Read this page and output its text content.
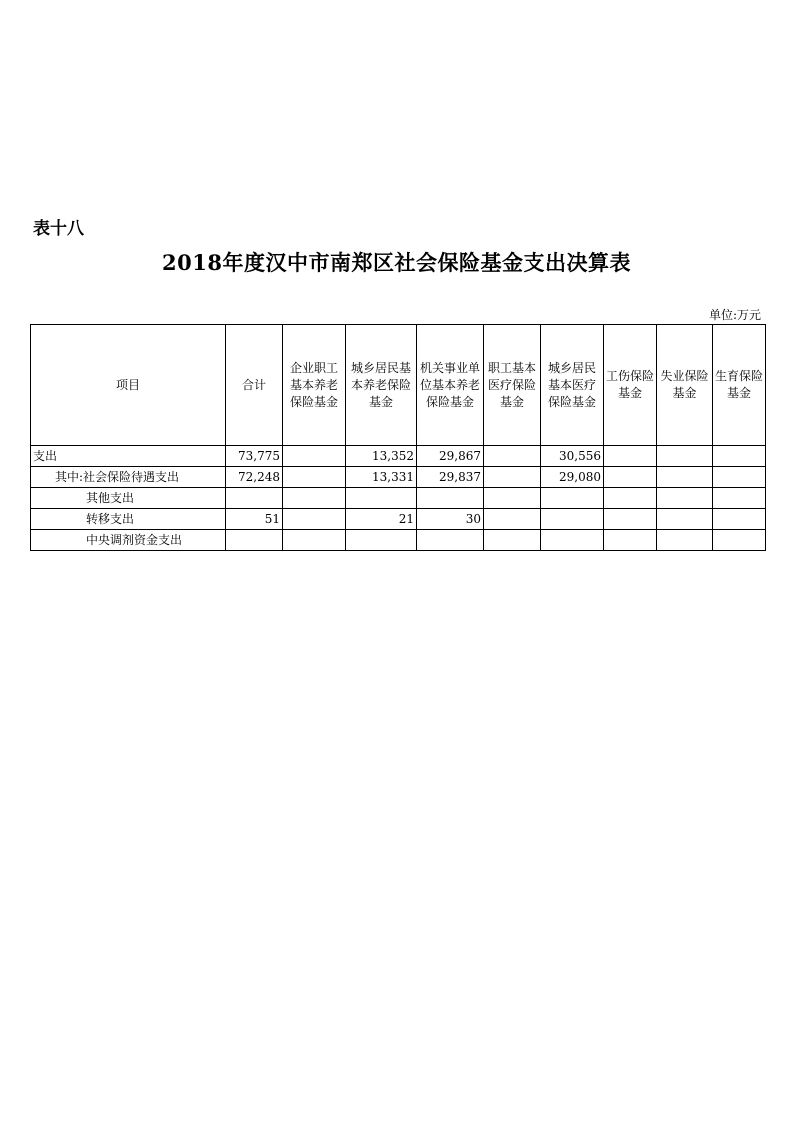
表十八
2018年度汉中市南郑区社会保险基金支出决算表
单位:万元
项目	合计	企业职工基本养老保险基金	城乡居民基本养老保险基金	机关事业单位基本养老保险基金	职工基本医疗保险基金	城乡居民基本医疗保险基金	工伤保险基金	失业保险基金	生育保险基金
支出	73,775		13,352	29,867		30,556			
其中:社会保险待遇支出	72,248		13,331	29,837		29,080			
其他支出									
转移支出	51		21	30					
中央调剂资金支出									
